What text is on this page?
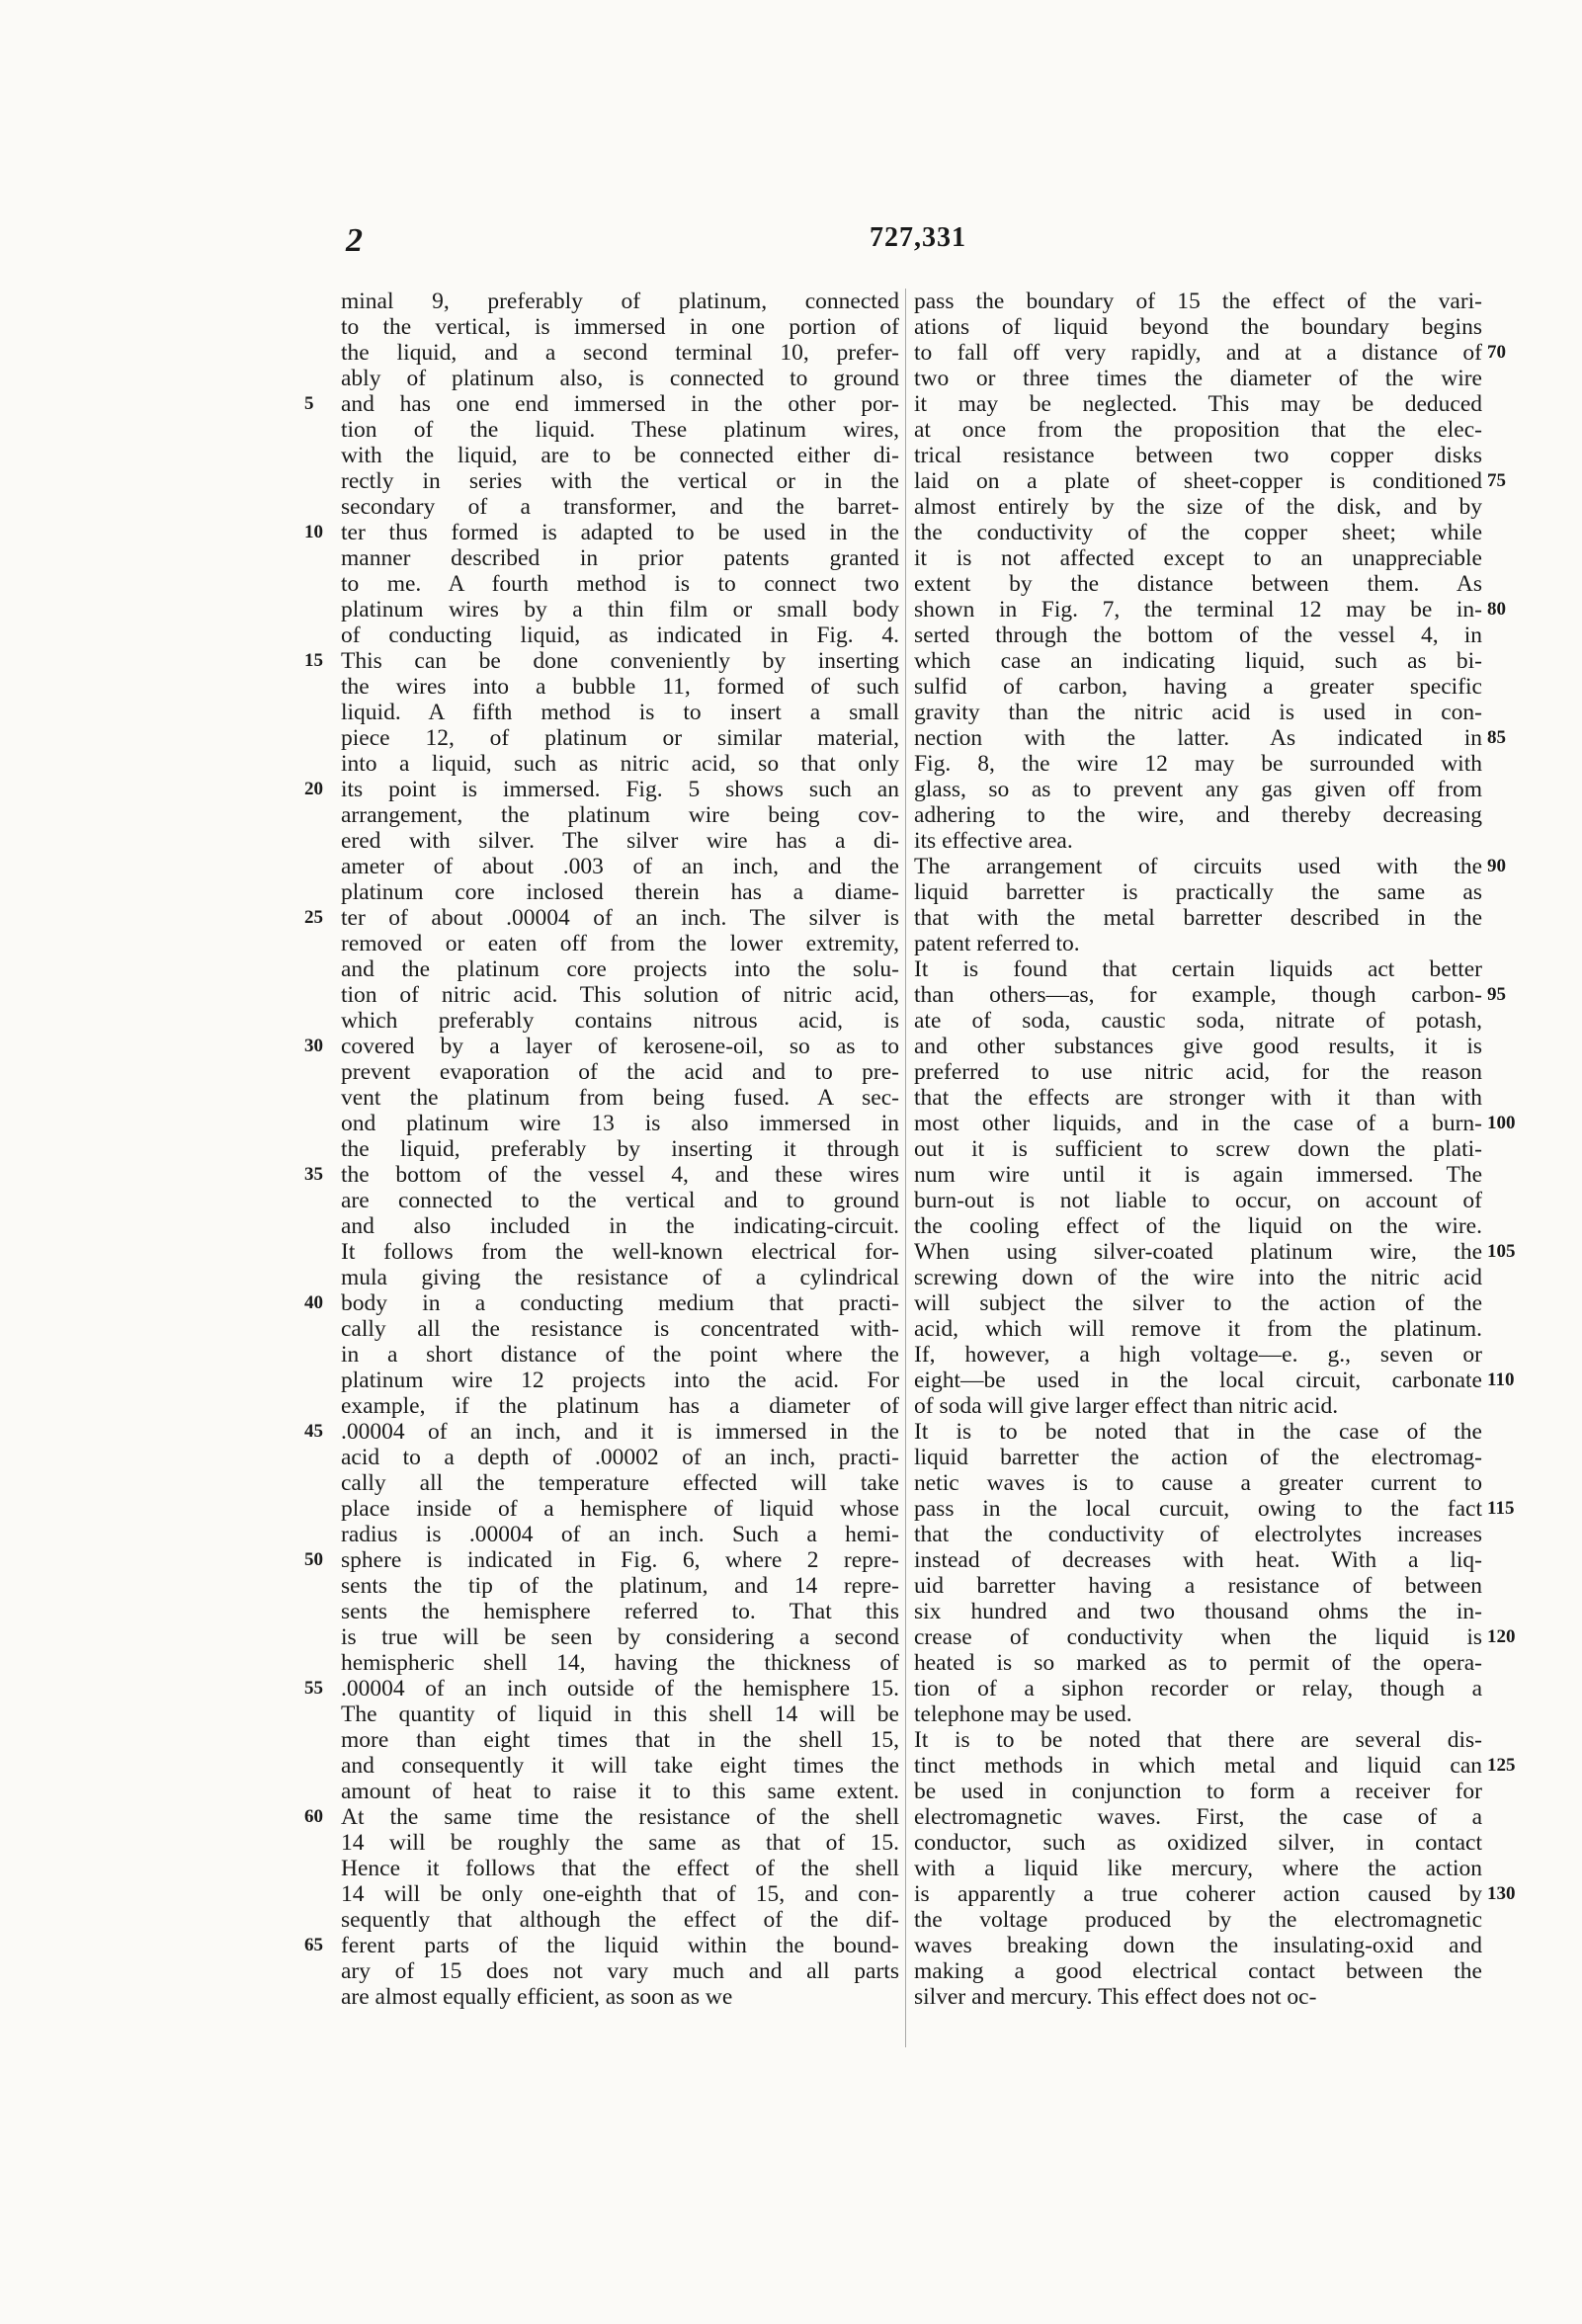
2	727,331
5
10
15
20
25
30
35
40
45
50
55
60
65
minal 9, preferably of platinum, connected
to the vertical, is immersed in one portion of
the liquid, and a second terminal 10, prefer-
ably of platinum also, is connected to ground
and has one end immersed in the other por-
tion of the liquid. These platinum wires,
with the liquid, are to be connected either di-
rectly in series with the vertical or in the
secondary of a transformer, and the barret-
ter thus formed is adapted to be used in the
manner described in prior patents granted
to me. A fourth method is to connect two
platinum wires by a thin film or small body
of conducting liquid, as indicated in Fig. 4.
This can be done conveniently by inserting
the wires into a bubble 11, formed of such
liquid. A fifth method is to insert a small
piece 12, of platinum or similar material,
into a liquid, such as nitric acid, so that only
its point is immersed. Fig. 5 shows such an
arrangement, the platinum wire being cov-
ered with silver. The silver wire has a di-
ameter of about .003 of an inch, and the
platinum core inclosed therein has a diame-
ter of about .00004 of an inch. The silver is
removed or eaten off from the lower extremity,
and the platinum core projects into the solu-
tion of nitric acid. This solution of nitric acid,
which preferably contains nitrous acid, is
covered by a layer of kerosene-oil, so as to
prevent evaporation of the acid and to pre-
vent the platinum from being fused. A sec-
ond platinum wire 13 is also immersed in
the liquid, preferably by inserting it through
the bottom of the vessel 4, and these wires
are connected to the vertical and to ground
and also included in the indicating-circuit.
It follows from the well-known electrical for-
mula giving the resistance of a cylindrical
body in a conducting medium that practi-
cally all the resistance is concentrated with-
in a short distance of the point where the
platinum wire 12 projects into the acid. For
example, if the platinum has a diameter of
.00004 of an inch, and it is immersed in the
acid to a depth of .00002 of an inch, practi-
cally all the temperature effected will take
place inside of a hemisphere of liquid whose
radius is .00004 of an inch. Such a hemi-
sphere is indicated in Fig. 6, where 2 repre-
sents the tip of the platinum, and 14 repre-
sents the hemisphere referred to. That this
is true will be seen by considering a second
hemispheric shell 14, having the thickness of
.00004 of an inch outside of the hemisphere 15.
The quantity of liquid in this shell 14 will be
more than eight times that in the shell 15,
and consequently it will take eight times the
amount of heat to raise it to this same extent.
At the same time the resistance of the shell
14 will be roughly the same as that of 15.
Hence it follows that the effect of the shell
14 will be only one-eighth that of 15, and con-
sequently that although the effect of the dif-
ferent parts of the liquid within the bound-
ary of 15 does not vary much and all parts
are almost equally efficient, as soon as we
pass the boundary of 15 the effect of the vari-
ations of liquid beyond the boundary begins
to fall off very rapidly, and at a distance of
two or three times the diameter of the wire
it may be neglected. This may be deduced
at once from the proposition that the elec-
trical resistance between two copper disks
laid on a plate of sheet-copper is conditioned
almost entirely by the size of the disk, and by
the conductivity of the copper sheet; while
it is not affected except to an unappreciable
extent by the distance between them. As
shown in Fig. 7, the terminal 12 may be in-
serted through the bottom of the vessel 4, in
which case an indicating liquid, such as bi-
sulfid of carbon, having a greater specific
gravity than the nitric acid is used in con-
nection with the latter. As indicated in
Fig. 8, the wire 12 may be surrounded with
glass, so as to prevent any gas given off from
adhering to the wire, and thereby decreasing
its effective area.
The arrangement of circuits used with the
liquid barretter is practically the same as
that with the metal barretter described in the
patent referred to.
It is found that certain liquids act better
than others—as, for example, though carbon-
ate of soda, caustic soda, nitrate of potash,
and other substances give good results, it is
preferred to use nitric acid, for the reason
that the effects are stronger with it than with
most other liquids, and in the case of a burn-
out it is sufficient to screw down the plati-
num wire until it is again immersed. The
burn-out is not liable to occur, on account of
the cooling effect of the liquid on the wire.
When using silver-coated platinum wire, the
screwing down of the wire into the nitric acid
will subject the silver to the action of the
acid, which will remove it from the platinum.
If, however, a high voltage—e. g., seven or
eight—be used in the local circuit, carbonate
of soda will give larger effect than nitric acid.
It is to be noted that in the case of the
liquid barretter the action of the electromag-
netic waves is to cause a greater current to
pass in the local curcuit, owing to the fact
that the conductivity of electrolytes increases
instead of decreases with heat. With a liq-
uid barretter having a resistance of between
six hundred and two thousand ohms the in-
crease of conductivity when the liquid is
heated is so marked as to permit of the opera-
tion of a siphon recorder or relay, though a
telephone may be used.
It is to be noted that there are several dis-
tinct methods in which metal and liquid can
be used in conjunction to form a receiver for
electromagnetic waves. First, the case of a
conductor, such as oxidized silver, in contact
with a liquid like mercury, where the action
is apparently a true coherer action caused by
the voltage produced by the electromagnetic
waves breaking down the insulating-oxid and
making a good electrical contact between the
silver and mercury. This effect does not oc-
70
75
80
85
90
95
100
105
110
115
120
125
130
